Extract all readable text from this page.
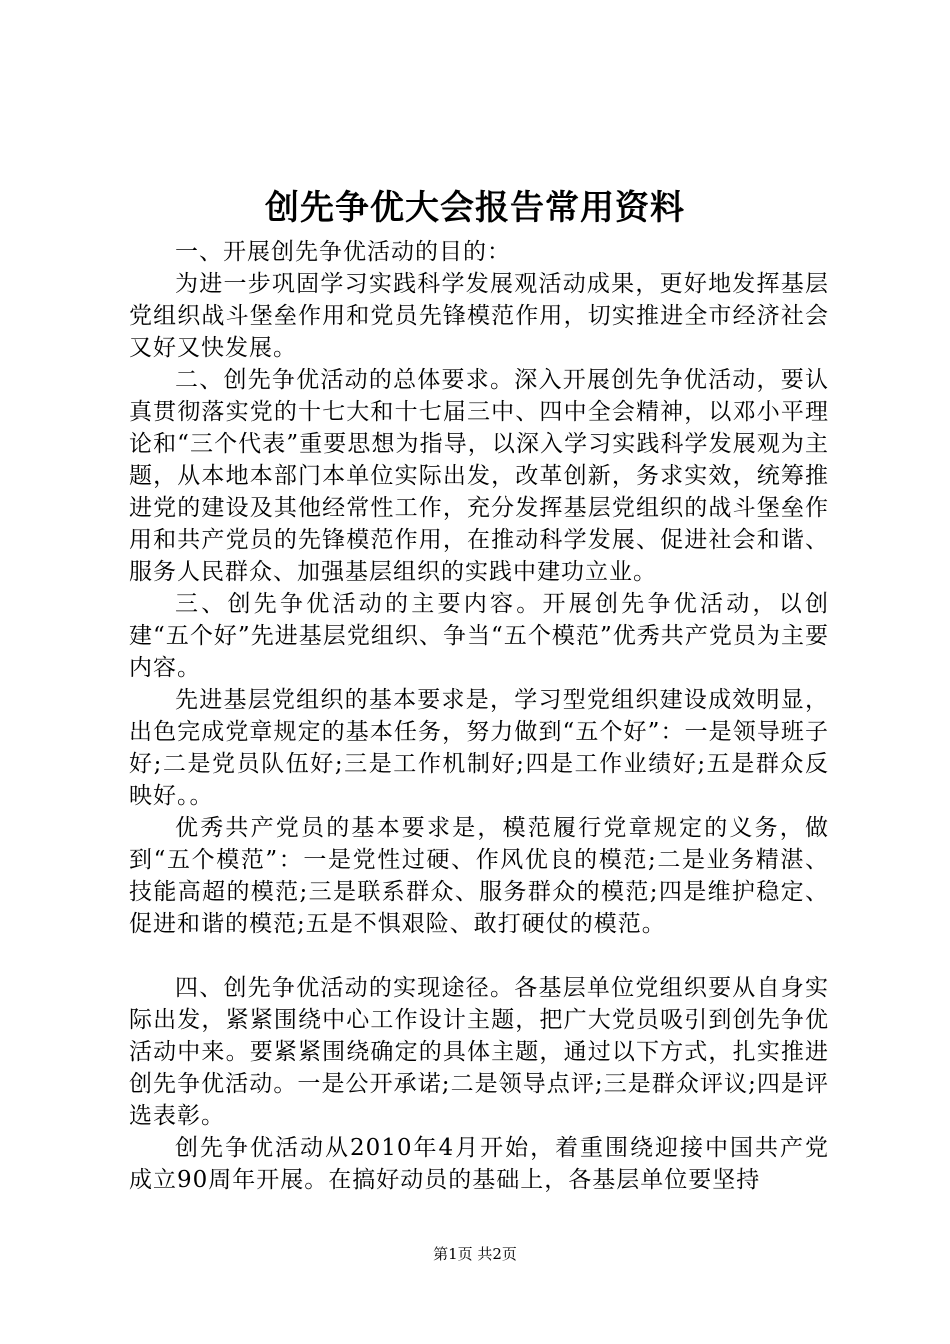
创先争优大会报告常用资料

一、开展创先争优活动的目的：

为进一步巩固学习实践科学发展观活动成果，更好地发挥基层党组织战斗堡垒作用和党员先锋模范作用，切实推进全市经济社会又好又快发展。

二、创先争优活动的总体要求。深入开展创先争优活动，要认真贯彻落实党的十七大和十七届三中、四中全会精神，以邓小平理论和“三个代表”重要思想为指导，以深入学习实践科学发展观为主题，从本地本部门本单位实际出发，改革创新，务求实效，统筹推进党的建设及其他经常性工作，充分发挥基层党组织的战斗堡垒作用和共产党员的先锋模范作用，在推动科学发展、促进社会和谐、服务人民群众、加强基层组织的实践中建功立业。

三、创先争优活动的主要内容。开展创先争优活动，以创建“五个好”先进基层党组织、争当“五个模范”优秀共产党员为主要内容。

先进基层党组织的基本要求是，学习型党组织建设成效明显，出色完成党章规定的基本任务，努力做到“五个好”：一是领导班子好;二是党员队伍好;三是工作机制好;四是工作业绩好;五是群众反映好。。

优秀共产党员的基本要求是，模范履行党章规定的义务，做到“五个模范”：一是党性过硬、作风优良的模范;二是业务精湛、技能高超的模范;三是联系群众、服务群众的模范;四是维护稳定、促进和谐的模范;五是不惧艰险、敢打硬仗的模范。

四、创先争优活动的实现途径。各基层单位党组织要从自身实际出发，紧紧围绕中心工作设计主题，把广大党员吸引到创先争优活动中来。要紧紧围绕确定的具体主题，通过以下方式，扎实推进创先争优活动。一是公开承诺;二是领导点评;三是群众评议;四是评选表彰。

创先争优活动从2010年4月开始，着重围绕迎接中国共产党成立90周年开展。在搞好动员的基础上，各基层单位要坚持

第1页 共2页
